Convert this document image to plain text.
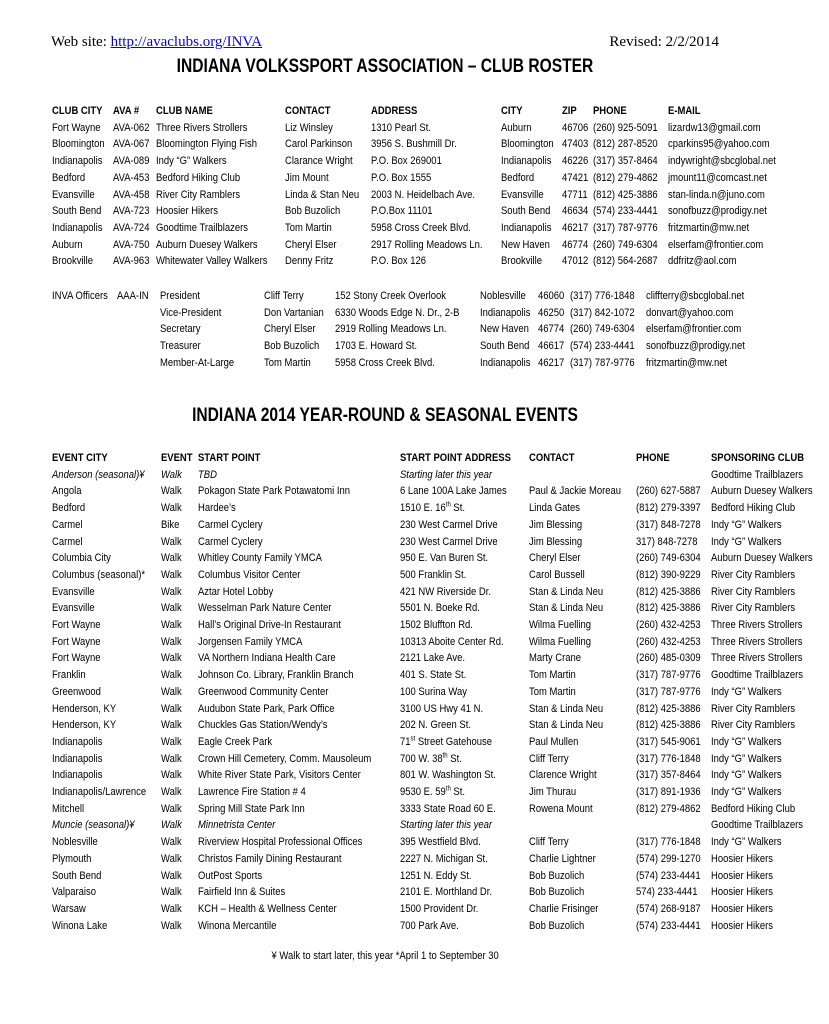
Web site: http://avaclubs.org/INVA	Revised: 2/2/2014
INDIANA VOLKSSPORT ASSOCIATION – CLUB ROSTER
CLUB CITY	AVA #	CLUB NAME	CONTACT	ADDRESS	CITY	ZIP	PHONE	E-MAIL
Fort Wayne	AVA-062	Three Rivers Strollers	Liz Winsley	1310 Pearl St.	Auburn	46706	(260) 925-5091	lizardw13@gmail.com
Bloomington	AVA-067	Bloomington Flying Fish	Carol Parkinson	3956 S. Bushmill Dr.	Bloomington	47403	(812) 287-8520	cparkins95@yahoo.com
Indianapolis	AVA-089	Indy “G” Walkers	Clarance Wright	P.O. Box 269001	Indianapolis	46226	(317) 357-8464	indywright@sbcglobal.net
Bedford	AVA-453	Bedford Hiking Club	Jim Mount	P.O. Box 1555	Bedford	47421	(812) 279-4862	jmount11@comcast.net
Evansville	AVA-458	River City Ramblers	Linda & Stan Neu	2003 N. Heidelbach Ave.	Evansville	47711	(812) 425-3886	stan-linda.n@juno.com
South Bend	AVA-723	Hoosier Hikers	Bob Buzolich	P.O.Box 11101	South Bend	46634	(574) 233-4441	sonofbuzz@prodigy.net
Indianapolis	AVA-724	Goodtime Trailblazers	Tom Martin	5958 Cross Creek Blvd.	Indianapolis	46217	(317) 787-9776	fritzmartin@mw.net
Auburn	AVA-750	Auburn Duesey Walkers	Cheryl Elser	2917 Rolling Meadows Ln.	New Haven	46774	(260) 749-6304	elserfam@frontier.com
Brookville	AVA-963	Whitewater Valley Walkers	Denny Fritz	P.O. Box 126	Brookville	47012	(812) 564-2687	ddfritz@aol.com
INVA Officers	AAA-IN	President	Cliff Terry	152 Stony Creek Overlook	Noblesville	46060	(317) 776-1848	cliffterry@sbcglobal.net
		Vice-President	Don Vartanian	6330 Woods Edge N. Dr., 2-B	Indianapolis	46250	(317) 842-1072	donvart@yahoo.com
		Secretary	Cheryl Elser	2919 Rolling Meadows Ln.	New Haven	46774	(260) 749-6304	elserfam@frontier.com
		Treasurer	Bob Buzolich	1703 E. Howard St.	South Bend	46617	(574) 233-4441	sonofbuzz@prodigy.net
		Member-At-Large	Tom Martin	5958 Cross Creek Blvd.	Indianapolis	46217	(317) 787-9776	fritzmartin@mw.net
INDIANA 2014 YEAR-ROUND & SEASONAL EVENTS
EVENT CITY	EVENT	START POINT	START POINT ADDRESS	CONTACT	PHONE	SPONSORING CLUB
Anderson (seasonal)¥	Walk	TBD	Starting later this year			Goodtime Trailblazers
Angola	Walk	Pokagon State Park Potawatomi Inn	6 Lane 100A Lake James	Paul & Jackie Moreau	(260) 627-5887	Auburn Duesey Walkers
Bedford	Walk	Hardee’s	1510 E. 16th St.	Linda Gates	(812) 279-3397	Bedford Hiking Club
Carmel	Bike	Carmel Cyclery	230 West Carmel Drive	Jim Blessing	(317) 848-7278	Indy “G” Walkers
Carmel	Walk	Carmel Cyclery	230 West Carmel Drive	Jim Blessing	317) 848-7278	Indy “G” Walkers
Columbia City	Walk	Whitley County Family YMCA	950 E. Van Buren St.	Cheryl Elser	(260) 749-6304	Auburn Duesey Walkers
Columbus (seasonal)*	Walk	Columbus Visitor Center	500 Franklin St.	Carol Bussell	(812) 390-9229	River City Ramblers
Evansville	Walk	Aztar Hotel Lobby	421 NW Riverside Dr.	Stan & Linda Neu	(812) 425-3886	River City Ramblers
Evansville	Walk	Wesselman Park Nature Center	5501 N. Boeke Rd.	Stan & Linda Neu	(812) 425-3886	River City Ramblers
Fort Wayne	Walk	Hall’s Original Drive-In Restaurant	1502 Bluffton Rd.	Wilma Fuelling	(260) 432-4253	Three Rivers Strollers
Fort Wayne	Walk	Jorgensen Family YMCA	10313 Aboite Center Rd.	Wilma Fuelling	(260) 432-4253	Three Rivers Strollers
Fort Wayne	Walk	VA Northern Indiana Health Care	2121 Lake Ave.	Marty Crane	(260) 485-0309	Three Rivers Strollers
Franklin	Walk	Johnson Co. Library, Franklin Branch	401 S. State St.	Tom Martin	(317) 787-9776	Goodtime Trailblazers
Greenwood	Walk	Greenwood Community Center	100 Surina Way	Tom Martin	(317) 787-9776	Indy “G” Walkers
Henderson, KY	Walk	Audubon State Park, Park Office	3100 US Hwy 41 N.	Stan & Linda Neu	(812) 425-3886	River City Ramblers
Henderson, KY	Walk	Chuckles Gas Station/Wendy’s	202 N. Green St.	Stan & Linda Neu	(812) 425-3886	River City Ramblers
Indianapolis	Walk	Eagle Creek Park	71st Street Gatehouse	Paul Mullen	(317) 545-9061	Indy “G” Walkers
Indianapolis	Walk	Crown Hill Cemetery, Comm. Mausoleum	700 W. 38th St.	Cliff Terry	(317) 776-1848	Indy “G” Walkers
Indianapolis	Walk	White River State Park, Visitors Center	801 W. Washington St.	Clarence Wright	(317) 357-8464	Indy “G” Walkers
Indianapolis/Lawrence	Walk	Lawrence Fire Station # 4	9530 E. 59th St.	Jim Thurau	(317) 891-1936	Indy “G” Walkers
Mitchell	Walk	Spring Mill State Park Inn	3333 State Road 60 E.	Rowena Mount	(812) 279-4862	Bedford Hiking Club
Muncie (seasonal)¥	Walk	Minnetrista Center	Starting later this year			Goodtime Trailblazers
Noblesville	Walk	Riverview Hospital Professional Offices	395 Westfield Blvd.	Cliff Terry	(317) 776-1848	Indy “G” Walkers
Plymouth	Walk	Christos Family Dining Restaurant	2227 N. Michigan St.	Charlie Lightner	(574) 299-1270	Hoosier Hikers
South Bend	Walk	OutPost Sports	1251 N. Eddy St.	Bob Buzolich	(574) 233-4441	Hoosier Hikers
Valparaiso	Walk	Fairfield Inn & Suites	2101 E. Morthland Dr.	Bob Buzolich	574) 233-4441	Hoosier Hikers
Warsaw	Walk	KCH – Health & Wellness Center	1500 Provident Dr.	Charlie Frisinger	(574) 268-9187	Hoosier Hikers
Winona Lake	Walk	Winona Mercantile	700 Park Ave.	Bob Buzolich	(574) 233-4441	Hoosier Hikers
¥ Walk to start later, this year *April 1 to September 30
